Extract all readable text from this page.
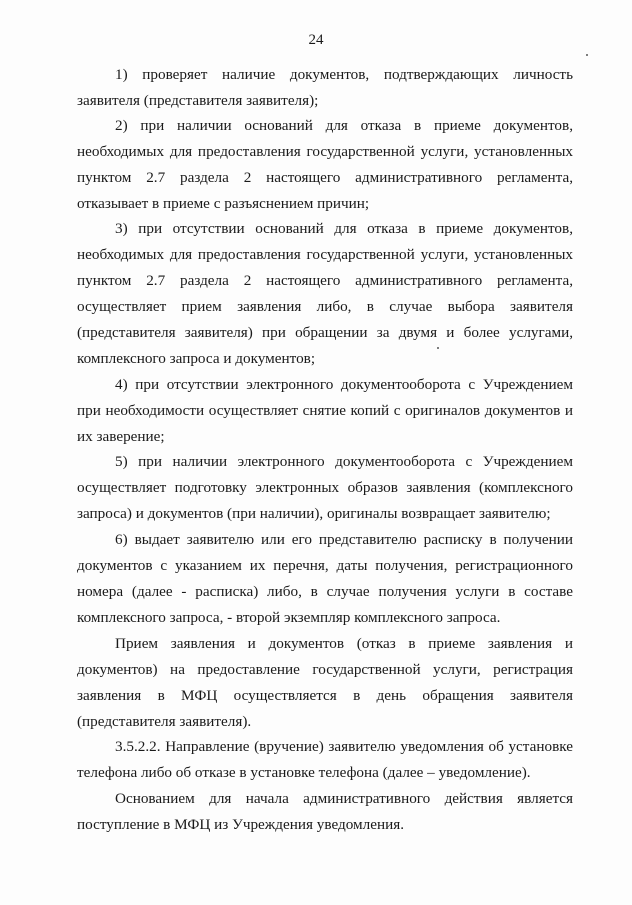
24

1) проверяет наличие документов, подтверждающих личность заявителя (представителя заявителя);

2) при наличии оснований для отказа в приеме документов, необходимых для предоставления государственной услуги, установленных пунктом 2.7 раздела 2 настоящего административного регламента, отказывает в приеме с разъяснением причин;

3) при отсутствии оснований для отказа в приеме документов, необходимых для предоставления государственной услуги, установленных пунктом 2.7 раздела 2 настоящего административного регламента, осуществляет прием заявления либо, в случае выбора заявителя (представителя заявителя) при обращении за двумя и более услугами, комплексного запроса и документов;

4) при отсутствии электронного документооборота с Учреждением при необходимости осуществляет снятие копий с оригиналов документов и их заверение;

5) при наличии электронного документооборота с Учреждением осуществляет подготовку электронных образов заявления (комплексного запроса) и документов (при наличии), оригиналы возвращает заявителю;

6) выдает заявителю или его представителю расписку в получении документов с указанием их перечня, даты получения, регистрационного номера (далее - расписка) либо, в случае получения услуги в составе комплексного запроса, - второй экземпляр комплексного запроса.

Прием заявления и документов (отказ в приеме заявления и документов) на предоставление государственной услуги, регистрация заявления в МФЦ осуществляется в день обращения заявителя (представителя заявителя).

3.5.2.2. Направление (вручение) заявителю уведомления об установке телефона либо об отказе в установке телефона (далее – уведомление).

Основанием для начала административного действия является поступление в МФЦ из Учреждения уведомления.
